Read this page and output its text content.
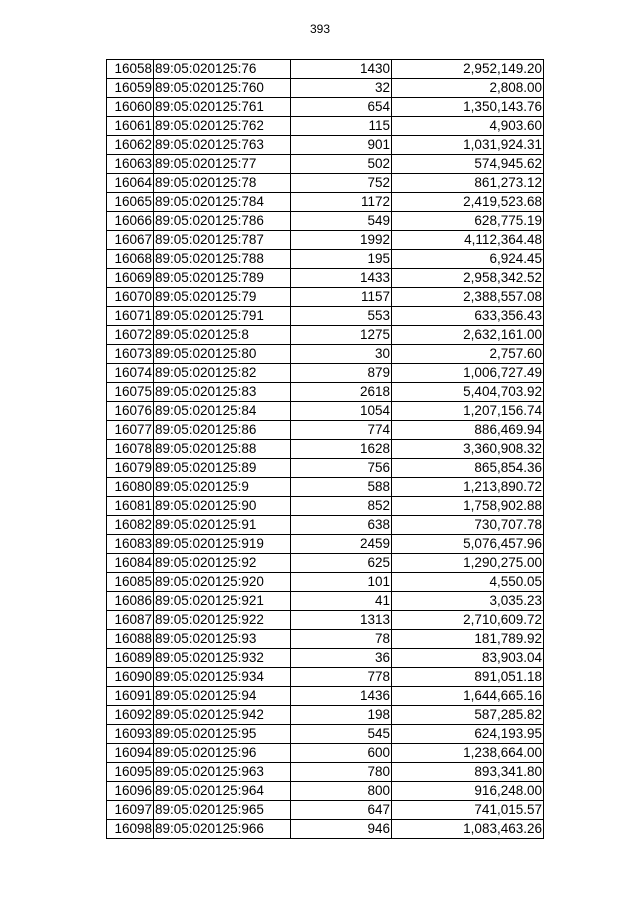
393
16058	89:05:020125:76	1430	2,952,149.20
16059	89:05:020125:760	32	2,808.00
16060	89:05:020125:761	654	1,350,143.76
16061	89:05:020125:762	115	4,903.60
16062	89:05:020125:763	901	1,031,924.31
16063	89:05:020125:77	502	574,945.62
16064	89:05:020125:78	752	861,273.12
16065	89:05:020125:784	1172	2,419,523.68
16066	89:05:020125:786	549	628,775.19
16067	89:05:020125:787	1992	4,112,364.48
16068	89:05:020125:788	195	6,924.45
16069	89:05:020125:789	1433	2,958,342.52
16070	89:05:020125:79	1157	2,388,557.08
16071	89:05:020125:791	553	633,356.43
16072	89:05:020125:8	1275	2,632,161.00
16073	89:05:020125:80	30	2,757.60
16074	89:05:020125:82	879	1,006,727.49
16075	89:05:020125:83	2618	5,404,703.92
16076	89:05:020125:84	1054	1,207,156.74
16077	89:05:020125:86	774	886,469.94
16078	89:05:020125:88	1628	3,360,908.32
16079	89:05:020125:89	756	865,854.36
16080	89:05:020125:9	588	1,213,890.72
16081	89:05:020125:90	852	1,758,902.88
16082	89:05:020125:91	638	730,707.78
16083	89:05:020125:919	2459	5,076,457.96
16084	89:05:020125:92	625	1,290,275.00
16085	89:05:020125:920	101	4,550.05
16086	89:05:020125:921	41	3,035.23
16087	89:05:020125:922	1313	2,710,609.72
16088	89:05:020125:93	78	181,789.92
16089	89:05:020125:932	36	83,903.04
16090	89:05:020125:934	778	891,051.18
16091	89:05:020125:94	1436	1,644,665.16
16092	89:05:020125:942	198	587,285.82
16093	89:05:020125:95	545	624,193.95
16094	89:05:020125:96	600	1,238,664.00
16095	89:05:020125:963	780	893,341.80
16096	89:05:020125:964	800	916,248.00
16097	89:05:020125:965	647	741,015.57
16098	89:05:020125:966	946	1,083,463.26
